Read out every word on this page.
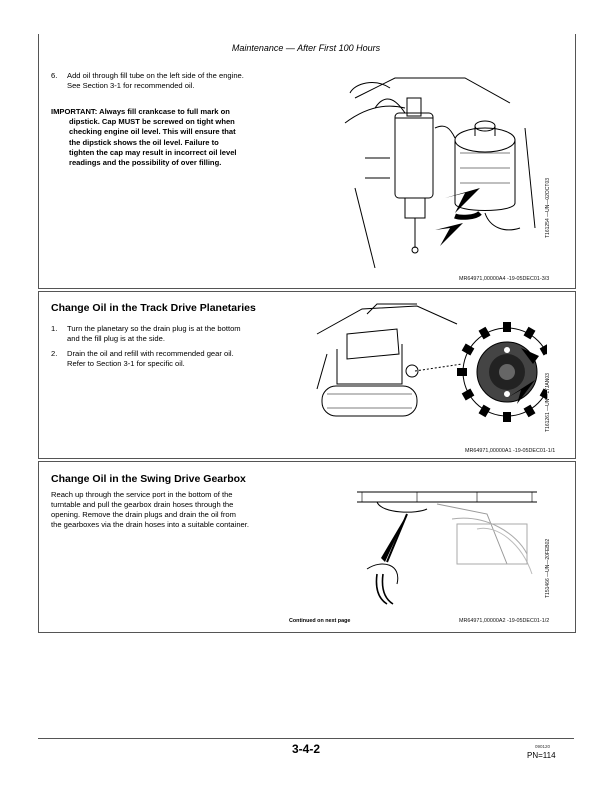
Maintenance — After First 100 Hours
6. Add oil through fill tube on the left side of the engine.
See Section 3-1 for recommended oil.
IMPORTANT: Always fill crankcase to full mark on
dipstick. Cap MUST be screwed on tight when
checking engine oil level. This will ensure that
the dipstick shows the oil level. Failure to
tighten the cap may result in incorrect oil level
readings and the possibility of over filling.
T161254 —UN—02OCT03
MR64971,00000A4 -19-05DEC01-3/3
Change Oil in the Track Drive Planetaries
1. Turn the planetary so the drain plug is at the bottom
and the fill plug is at the side.
2. Drain the oil and refill with recommended gear oil.
Refer to Section 3-1 for specific oil.
T161261 —UN—17JAN03
MR64971,00000A1 -19-05DEC01-1/1
Change Oil in the Swing Drive Gearbox
Reach up through the service port in the bottom of the
turntable and pull the gearbox drain hoses through the
opening. Remove the drain plugs and drain the oil from
the gearboxes via the drain hoses into a suitable container.
T151466 —UN—20FEB02
Continued on next page	MR64971,00000A2 -19-05DEC01-1/2
3-4-2	090120
PN=114
